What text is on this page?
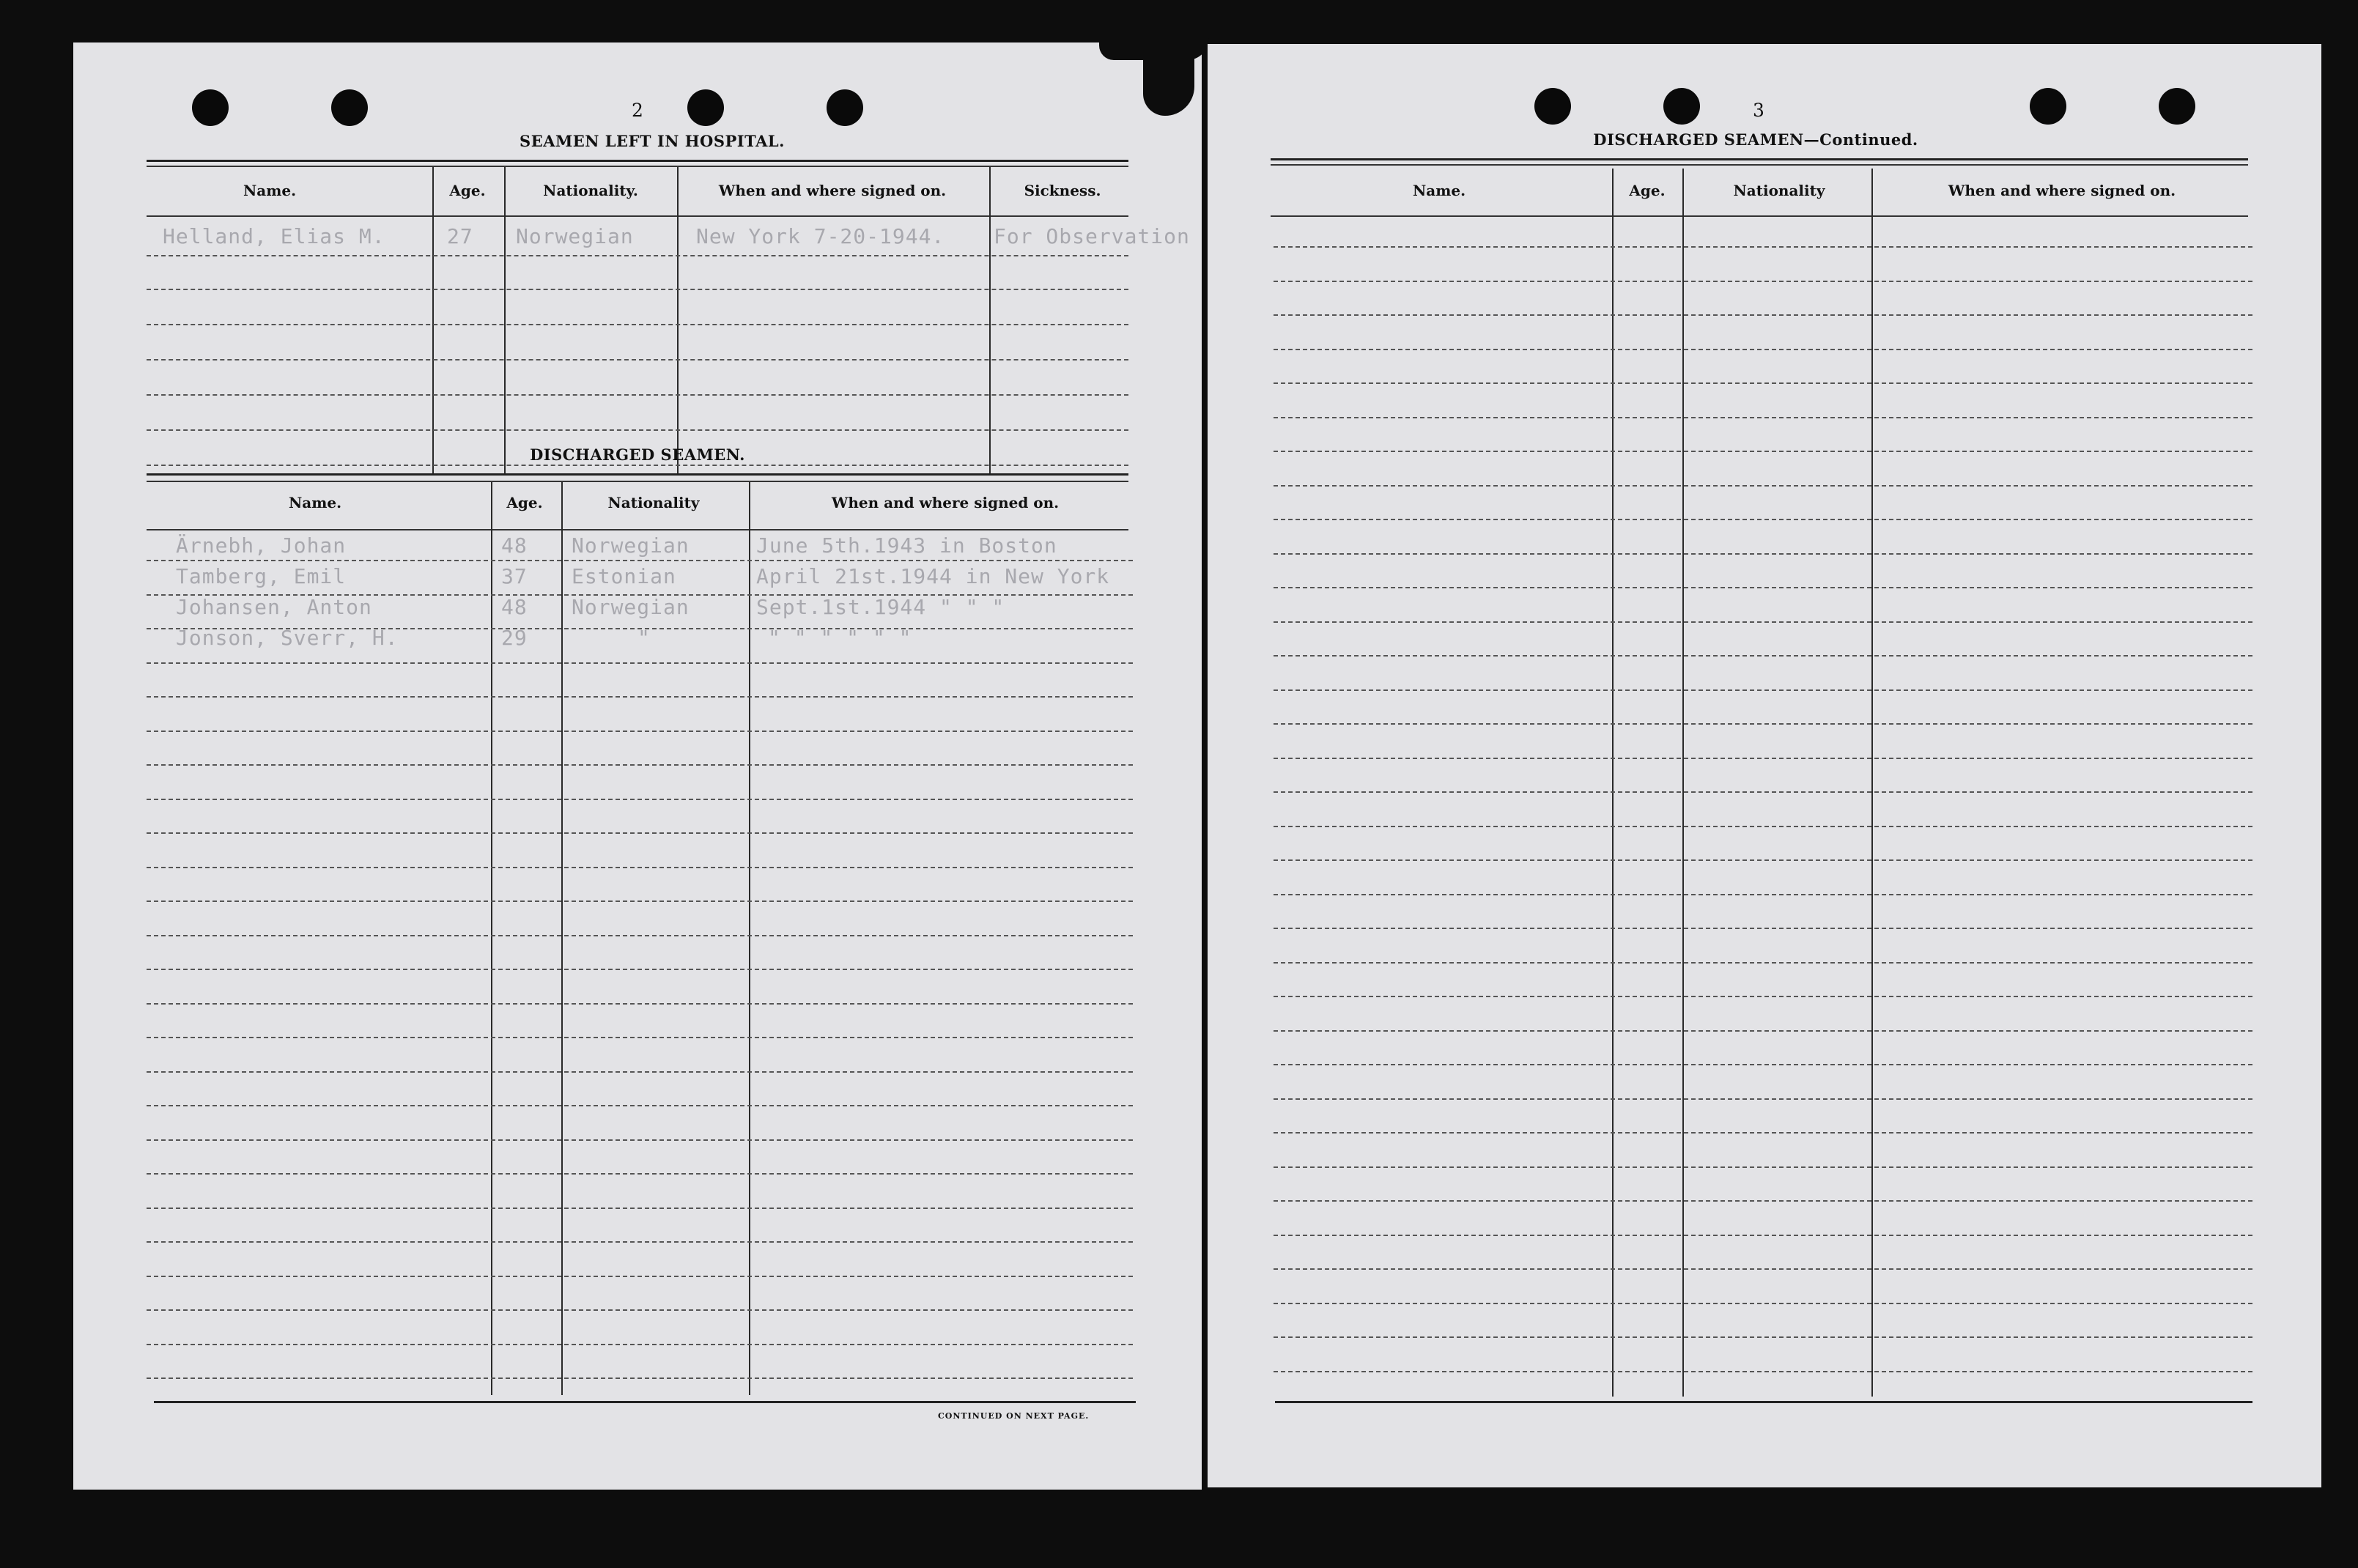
2
SEAMEN LEFT IN HOSPITAL.
Name.	Age.	Nationality.	When and where signed on.	Sickness.
Helland, Elias M.	27 Norwegian	New York 7-20-1944. For Observation
DISCHARGED SEAMEN.
Name.	Age.	Nationality	When and where signed on.
Ärnebh, Johan	48 Norwegian	June 5th.1943 in Boston
Tamberg, Emil	37 Estonian	April 21st.1944 in New York
Johansen, Anton	48 Norwegian	Sept.1st.1944 " " "
Jonson, Sverr, H.	29	"	" " " " " "
CONTINUED ON NEXT PAGE.
3
DISCHARGED SEAMEN—Continued.
Name.	Age.	Nationality	When and where signed on.
